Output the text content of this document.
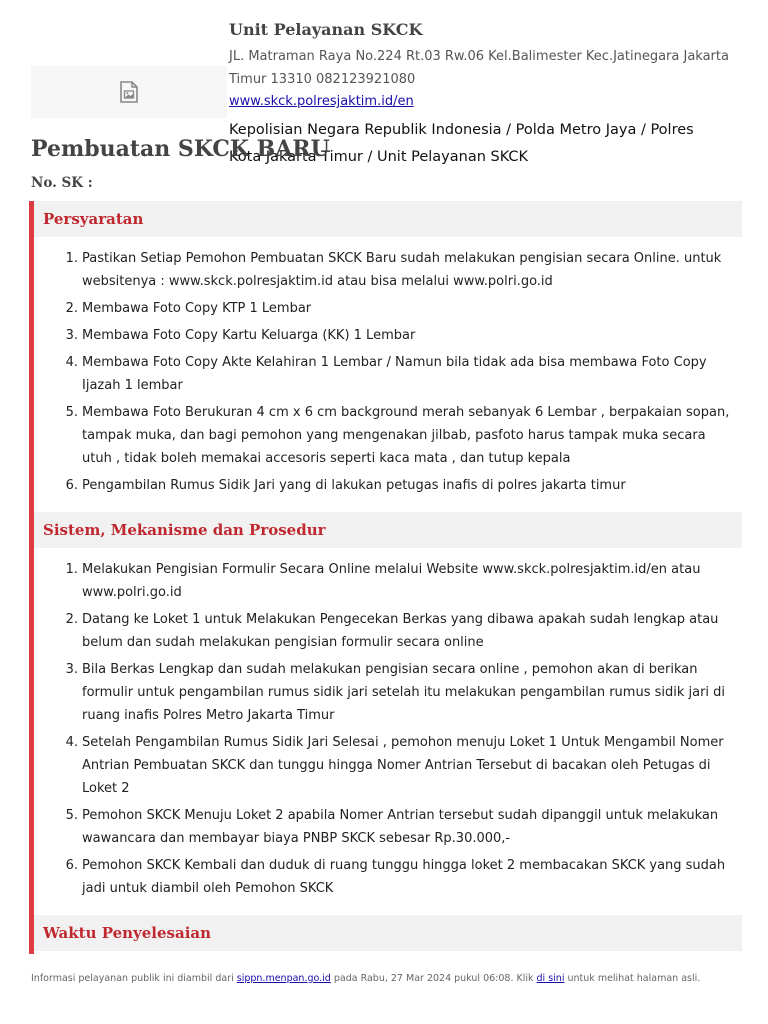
Unit Pelayanan SKCK
JL. Matraman Raya No.224 Rt.03 Rw.06 Kel.Balimester Kec.Jatinegara Jakarta Timur 13310 082123921080
www.skck.polresjaktim.id/en
Kepolisian Negara Republik Indonesia / Polda Metro Jaya / Polres Kota Jakarta Timur / Unit Pelayanan SKCK
Pembuatan SKCK BARU
No. SK :
Persyaratan
1. Pastikan Setiap Pemohon Pembuatan SKCK Baru sudah melakukan pengisian secara Online. untuk websitenya : www.skck.polresjaktim.id atau bisa melalui www.polri.go.id
2. Membawa Foto Copy KTP 1 Lembar
3. Membawa Foto Copy Kartu Keluarga (KK) 1 Lembar
4. Membawa Foto Copy Akte Kelahiran 1 Lembar / Namun bila tidak ada bisa membawa Foto Copy Ijazah 1 lembar
5. Membawa Foto Berukuran 4 cm x 6 cm background merah sebanyak 6 Lembar , berpakaian sopan, tampak muka, dan bagi pemohon yang mengenakan jilbab, pasfoto harus tampak muka secara utuh , tidak boleh memakai accesoris seperti kaca mata , dan tutup kepala
6. Pengambilan Rumus Sidik Jari yang di lakukan petugas inafis di polres jakarta timur
Sistem, Mekanisme dan Prosedur
1. Melakukan Pengisian Formulir Secara Online melalui Website www.skck.polresjaktim.id/en atau www.polri.go.id
2. Datang ke Loket 1 untuk Melakukan Pengecekan Berkas yang dibawa apakah sudah lengkap atau belum dan sudah melakukan pengisian formulir secara online
3. Bila Berkas Lengkap dan sudah melakukan pengisian secara online , pemohon akan di berikan formulir untuk pengambilan rumus sidik jari setelah itu melakukan pengambilan rumus sidik jari di ruang inafis Polres Metro Jakarta Timur
4. Setelah Pengambilan Rumus Sidik Jari Selesai , pemohon menuju Loket 1 Untuk Mengambil Nomer Antrian Pembuatan SKCK dan tunggu hingga Nomer Antrian Tersebut di bacakan oleh Petugas di Loket 2
5. Pemohon SKCK Menuju Loket 2 apabila Nomer Antrian tersebut sudah dipanggil untuk melakukan wawancara dan membayar biaya PNBP SKCK sebesar Rp.30.000,-
6. Pemohon SKCK Kembali dan duduk di ruang tunggu hingga loket 2 membacakan SKCK yang sudah jadi untuk diambil oleh Pemohon SKCK
Waktu Penyelesaian
Informasi pelayanan publik ini diambil dari sippn.menpan.go.id pada Rabu, 27 Mar 2024 pukul 06:08. Klik di sini untuk melihat halaman asli.
